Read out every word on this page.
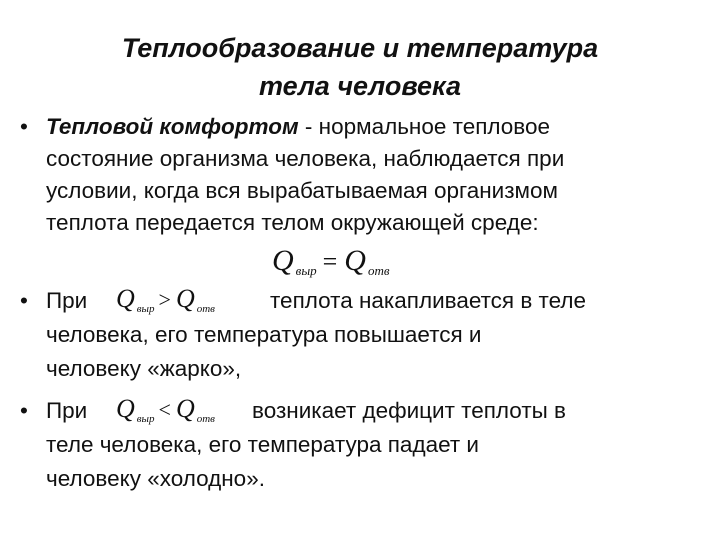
Теплообразование и температура
тела человека
• Тепловой комфортом - нормальное тепловое
состояние организма человека, наблюдается при
условии, когда вся вырабатываемая организмом
теплота передается телом окружающей среде:
$Q_{выр} = Q_{отв}$
• При $Q_{выр} > Q_{отв}$ теплота накапливается в теле
человека, его температура повышается и
человеку «жарко»,
• При $Q_{выр} < Q_{отв}$ возникает дефицит теплоты в
теле человека, его температура падает и
человеку «холодно».
